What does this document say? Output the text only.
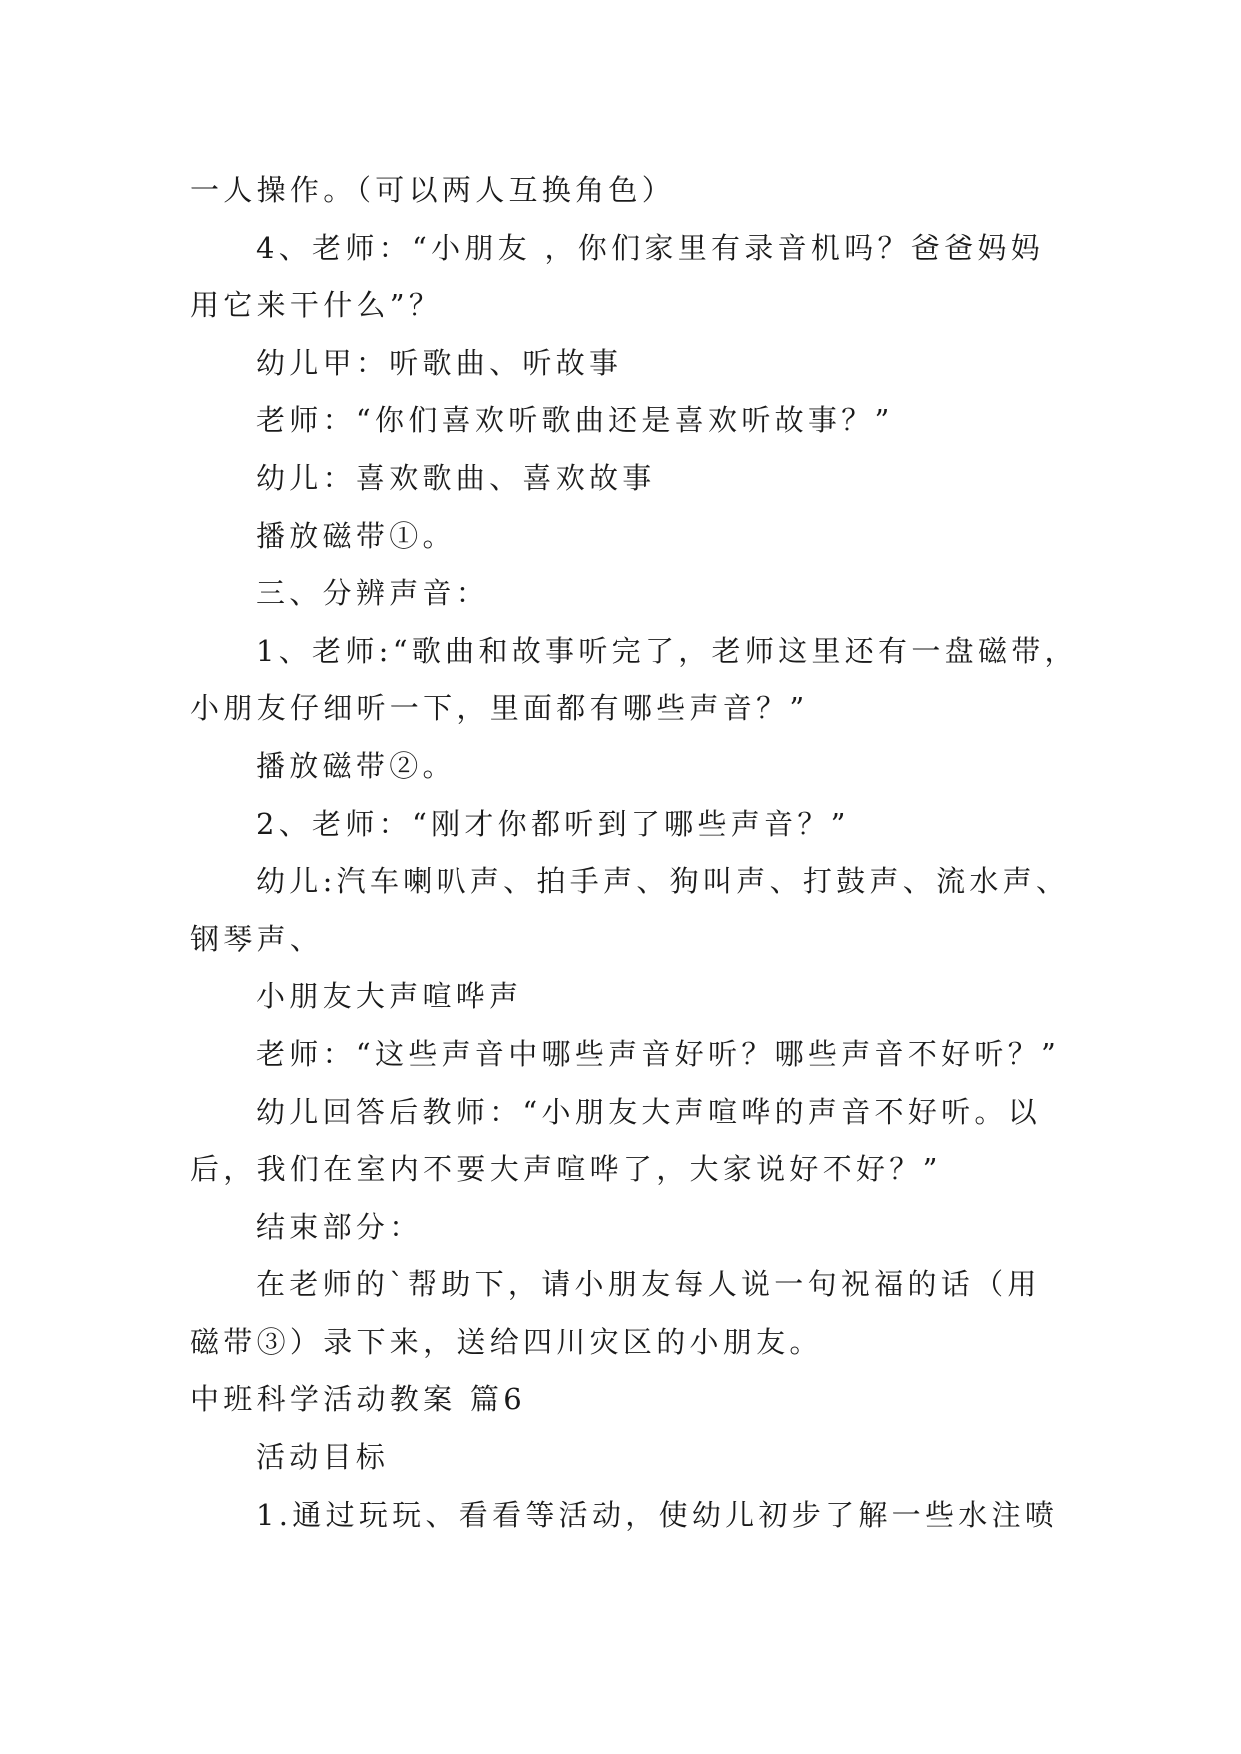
一人操作。（可以两人互换角色）

4、老师：“小朋友 ，你们家里有录音机吗？爸爸妈妈

用它来干什么”？

幼儿甲：听歌曲、听故事

老师：“你们喜欢听歌曲还是喜欢听故事？”

幼儿：喜欢歌曲、喜欢故事

播放磁带①。

三、分辨声音：

1、老师:“歌曲和故事听完了，老师这里还有一盘磁带，

小朋友仔细听一下，里面都有哪些声音？”

播放磁带②。

2、老师：“刚才你都听到了哪些声音？”

幼儿:汽车喇叭声、拍手声、狗叫声、打鼓声、流水声、

钢琴声、

小朋友大声喧哗声

老师：“这些声音中哪些声音好听？哪些声音不好听？”

幼儿回答后教师：“小朋友大声喧哗的声音不好听。以

后，我们在室内不要大声喧哗了，大家说好不好？”

结束部分：

在老师的`帮助下，请小朋友每人说一句祝福的话（用

磁带③）录下来，送给四川灾区的小朋友。

中班科学活动教案 篇6

活动目标

1.通过玩玩、看看等活动，使幼儿初步了解一些水注喷
